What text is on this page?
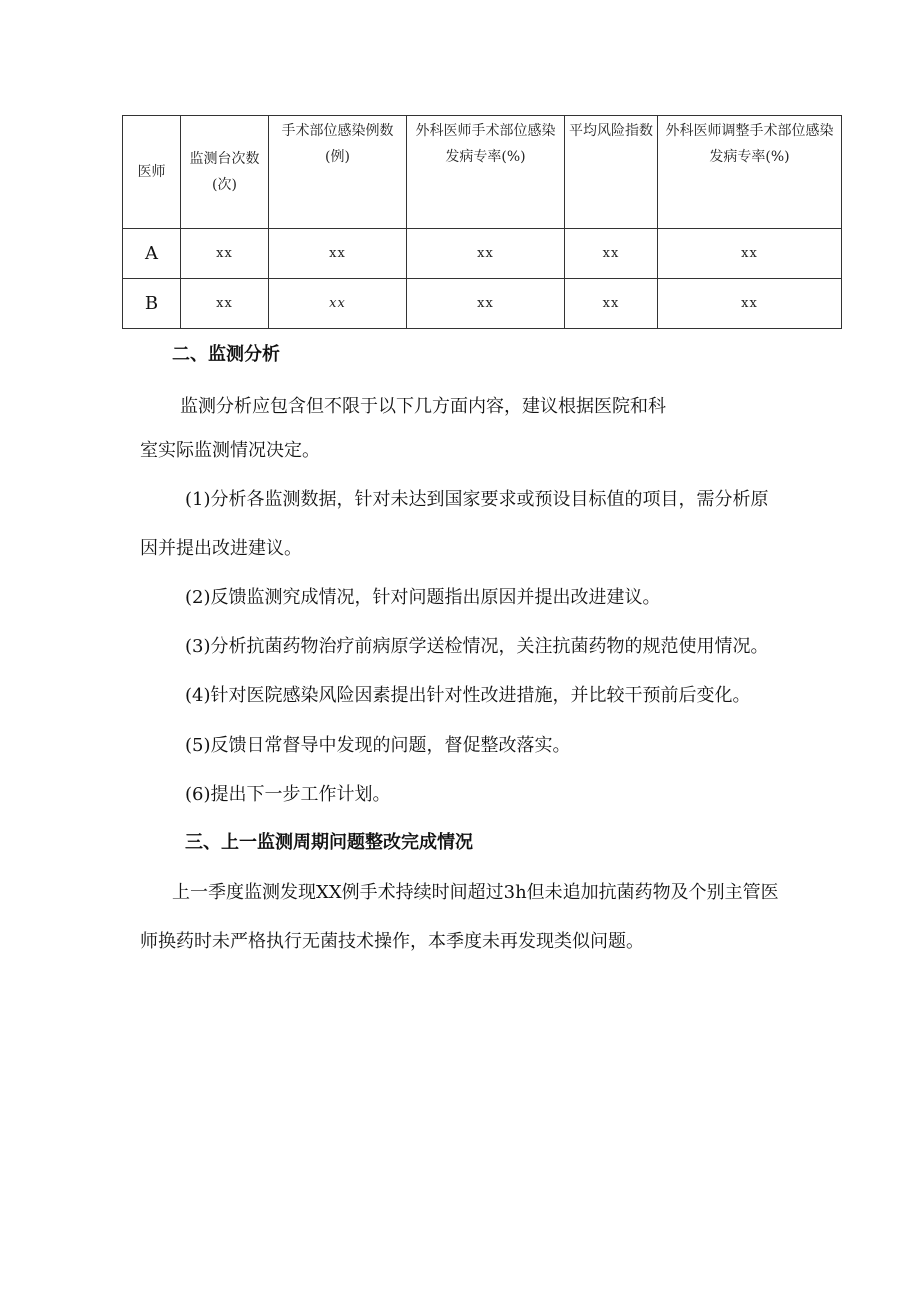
医师	监测台次数(次)	手术部位感染例数(例)	外科医师手术部位感染发病专率(%)	平均风险指数	外科医师调整手术部位感染发病专率(%)
A	xx	xx	xx	xx	xx
B	xx	xx	xx	xx	xx
二、监测分析
监测分析应包含但不限于以下几方面内容，建议根据医院和科
室实际监测情况决定。
(1)分析各监测数据，针对未达到国家要求或预设目标值的项目，需分析原
因并提出改进建议。
(2)反馈监测究成情况，针对问题指出原因并提出改进建议。
(3)分析抗菌药物治疗前病原学送检情况，关注抗菌药物的规范使用情况。
(4)针对医院感染风险因素提出针对性改进措施，并比较干预前后变化。
(5)反馈日常督导中发现的问题，督促整改落实。
(6)提出下一步工作计划。
三、上一监测周期问题整改完成情况
上一季度监测发现XX例手术持续时间超过3h但未追加抗菌药物及个别主管医
师换药时未严格执行无菌技术操作，本季度未再发现类似问题。
